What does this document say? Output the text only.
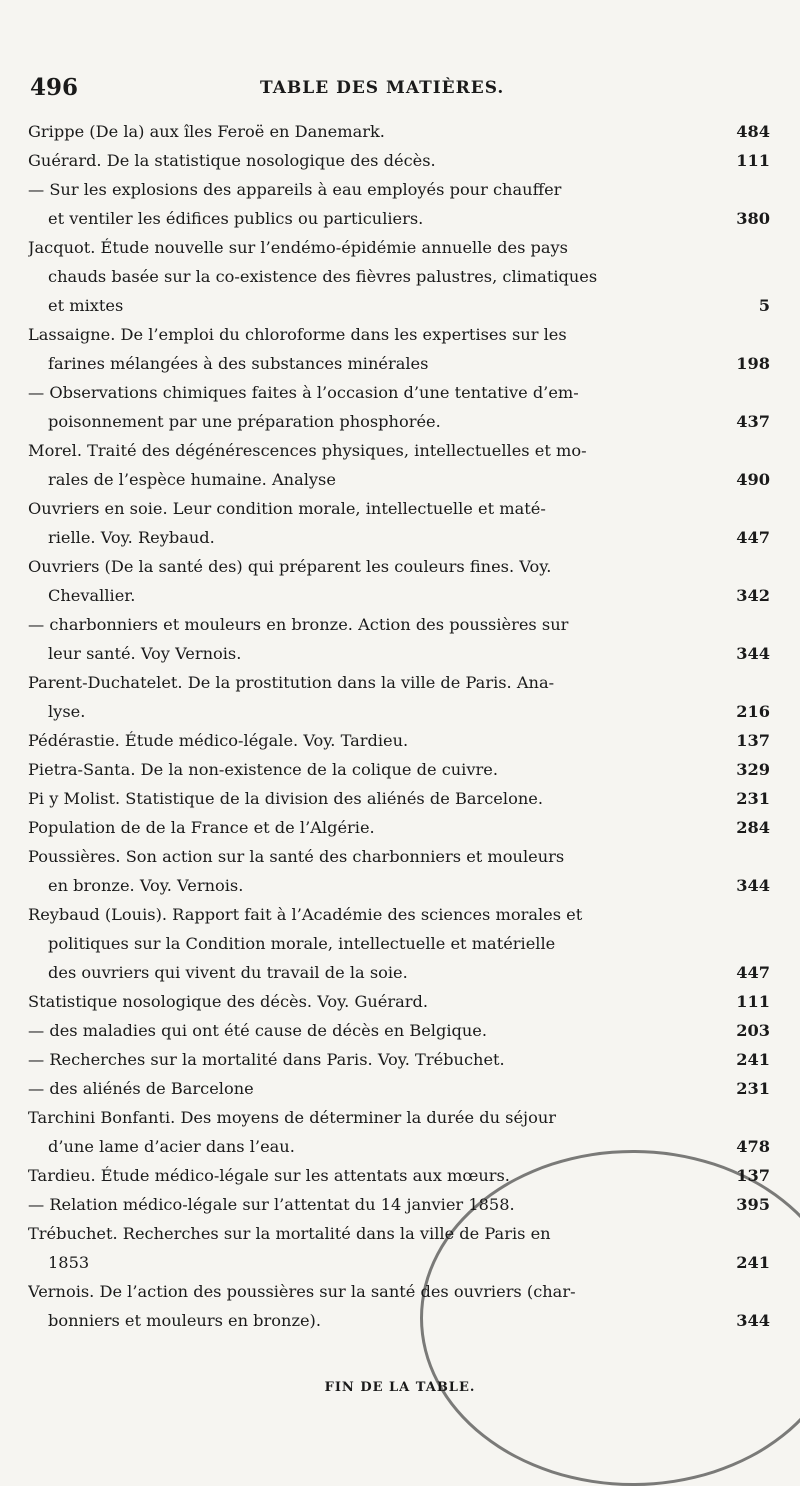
496	TABLE DES MATIÈRES.
Grippe (De la) aux îles Feroë en Danemark.	484
Guérard. De la statistique nosologique des décès.	111
— Sur les explosions des appareils à eau employés pour chauffer
et ventiler les édifices publics ou particuliers.	380
Jacquot. Étude nouvelle sur l’endémo-épidémie annuelle des pays
chauds basée sur la co-existence des fièvres palustres, climatiques
et mixtes	5
Lassaigne. De l’emploi du chloroforme dans les expertises sur les
farines mélangées à des substances minérales	198
— Observations chimiques faites à l’occasion d’une tentative d’em-
poisonnement par une préparation phosphorée.	437
Morel. Traité des dégénérescences physiques, intellectuelles et mo-
rales de l’espèce humaine. Analyse	490
Ouvriers en soie. Leur condition morale, intellectuelle et maté-
rielle. Voy. Reybaud.	447
Ouvriers (De la santé des) qui préparent les couleurs fines. Voy.
Chevallier.	342
— charbonniers et mouleurs en bronze. Action des poussières sur
leur santé. Voy Vernois.	344
Parent-Duchatelet. De la prostitution dans la ville de Paris. Ana-
lyse.	216
Pédérastie. Étude médico-légale. Voy. Tardieu.	137
Pietra-Santa. De la non-existence de la colique de cuivre.	329
Pi y Molist. Statistique de la division des aliénés de Barcelone.	231
Population de de la France et de l’Algérie.	284
Poussières. Son action sur la santé des charbonniers et mouleurs
en bronze. Voy. Vernois.	344
Reybaud (Louis). Rapport fait à l’Académie des sciences morales et
politiques sur la Condition morale, intellectuelle et matérielle
des ouvriers qui vivent du travail de la soie.	447
Statistique nosologique des décès. Voy. Guérard.	111
— des maladies qui ont été cause de décès en Belgique.	203
— Recherches sur la mortalité dans Paris. Voy. Trébuchet.	241
— des aliénés de Barcelone	231
Tarchini Bonfanti. Des moyens de déterminer la durée du séjour
d’une lame d’acier dans l’eau.	478
Tardieu. Étude médico-légale sur les attentats aux mœurs.	137
— Relation médico-légale sur l’attentat du 14 janvier 1858.	395
Trébuchet. Recherches sur la mortalité dans la ville de Paris en
1853	241
Vernois. De l’action des poussières sur la santé des ouvriers (char-
bonniers et mouleurs en bronze).	344
FIN DE LA TABLE.
